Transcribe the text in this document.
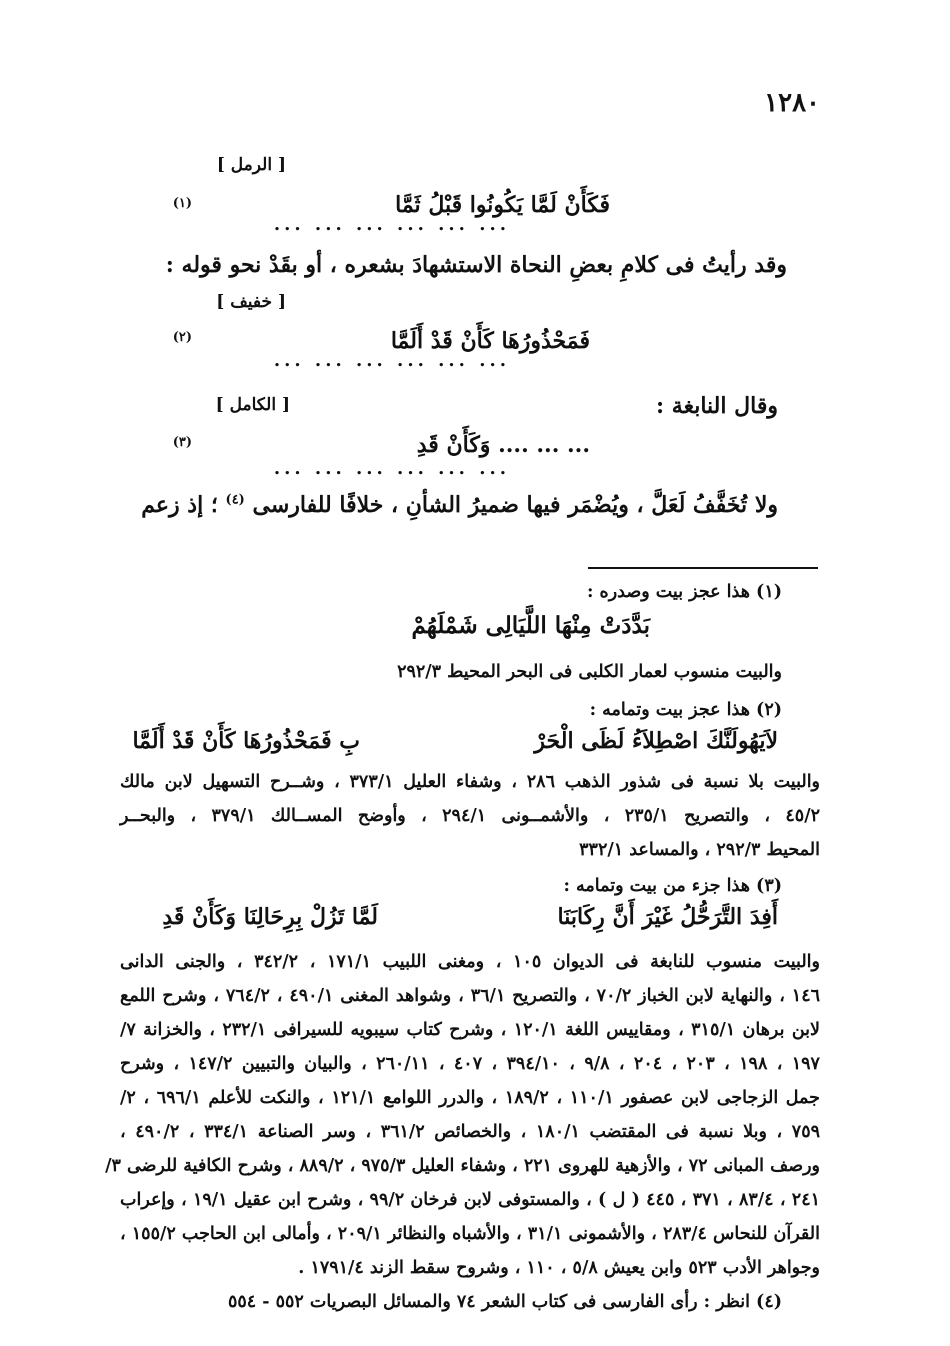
١٢٨٠
[ الرمل ]
فَكَأَنْ لَمَّا يَكُونُوا قَبْلُ ثَمَّا
(١)
... ... ... ... ... ...
وقد رأيتُ فى كلامِ بعضِ النحاة الاستشهادَ بشعره ، أو بقَدْ نحو قوله :
[ خفيف ]
فَمَحْذُورُهَا كَأَنْ قَدْ أَلَمَّا
(٢)
... ... ... ... ... ...
وقال النابغة :
[ الكامل ]
... ... .... وَكَأَنْ قَدِ
(٣)
... ... ... ... ... ...
ولا تُخَفَّفُ لَعَلَّ ، ويُضْمَر فيها ضميرُ الشأنِ ، خلافًا للفارسى $^{(٤)}$ ؛ إذ زعم
(١) هذا عجز بيت وصدره :
بَدَّدَتْ مِنْهَا اللَّيَالِى شَمْلَهُمْ
والبيت منسوب لعمار الكلبى فى البحر المحيط ٢٩٢/٣
(٢) هذا عجز بيت وتمامه :
لاَيَهُولَنَّكَ اصْطِلاَءُ لَظَى الْحَرْ
بِ فَمَحْذُورُهَا كَأَنْ قَدْ أَلَمَّا
والبيت بلا نسبة فى شذور الذهب ٢٨٦ ، وشفاء العليل ٣٧٣/١ ، وشــرح التسهيل لابن مالك
٤٥/٢ ، والتصريح ٢٣٥/١ ، والأشمــونى ٢٩٤/١ ، وأوضح المســالك ٣٧٩/١ ، والبحــر
المحيط ٢٩٢/٣ ، والمساعد ٣٣٢/١
(٣) هذا جزء من بيت وتمامه :
أَفِدَ التَّرَحُّلُ غَيْرَ أَنَّ رِكَابَنَا
لَمَّا تَزُلْ بِرِحَالِنَا وَكَأَنْ قَدِ
والبيت منسوب للنابغة فى الديوان ١٠٥ ، ومغنى اللبيب ١٧١/١ ، ٣٤٢/٢ ، والجنى الدانى
١٤٦ ، والنهاية لابن الخباز ٧٠/٢ ، والتصريح ٣٦/١ ، وشواهد المغنى ٤٩٠/١ ، ٧٦٤/٢ ، وشرح اللمع
لابن برهان ٣١٥/١ ، ومقاييس اللغة ١٢٠/١ ، وشرح كتاب سيبويه للسيرافى ٢٣٢/١ ، والخزانة ٧/
١٩٧ ، ١٩٨ ، ٢٠٣ ، ٢٠٤ ، ٩/٨ ، ٣٩٤/١٠ ، ٤٠٧ ، ٢٦٠/١١ ، والبيان والتبيين ١٤٧/٢ ، وشرح
جمل الزجاجى لابن عصفور ١١٠/١ ، ١٨٩/٢ ، والدرر اللوامع ١٢١/١ ، والنكت للأعلم ٦٩٦/١ ، ٢/
٧٥٩ ، وبلا نسبة فى المقتضب ١٨٠/١ ، والخصائص ٣٦١/٢ ، وسر الصناعة ٣٣٤/١ ، ٤٩٠/٢ ،
ورصف المبانى ٧٢ ، والأزهية للهروى ٢٢١ ، وشفاء العليل ٩٧٥/٣ ، ٨٨٩/٢ ، وشرح الكافية للرضى ٣/
٢٤١ ، ٨٣/٤ ، ٣٧١ ، ٤٤٥ ( ل ) ، والمستوفى لابن فرخان ٩٩/٢ ، وشرح ابن عقيل ١٩/١ ، وإعراب
القرآن للنحاس ٢٨٣/٤ ، والأشمونى ٣١/١ ، والأشباه والنظائر ٢٠٩/١ ، وأمالى ابن الحاجب ١٥٥/٢ ،
وجواهر الأدب ٥٢٣ وابن يعيش ٥/٨ ، ١١٠ ، وشروح سقط الزند ١٧٩١/٤ .
(٤) انظر : رأى الفارسى فى كتاب الشعر ٧٤ والمسائل البصريات ٥٥٢ - ٥٥٤
